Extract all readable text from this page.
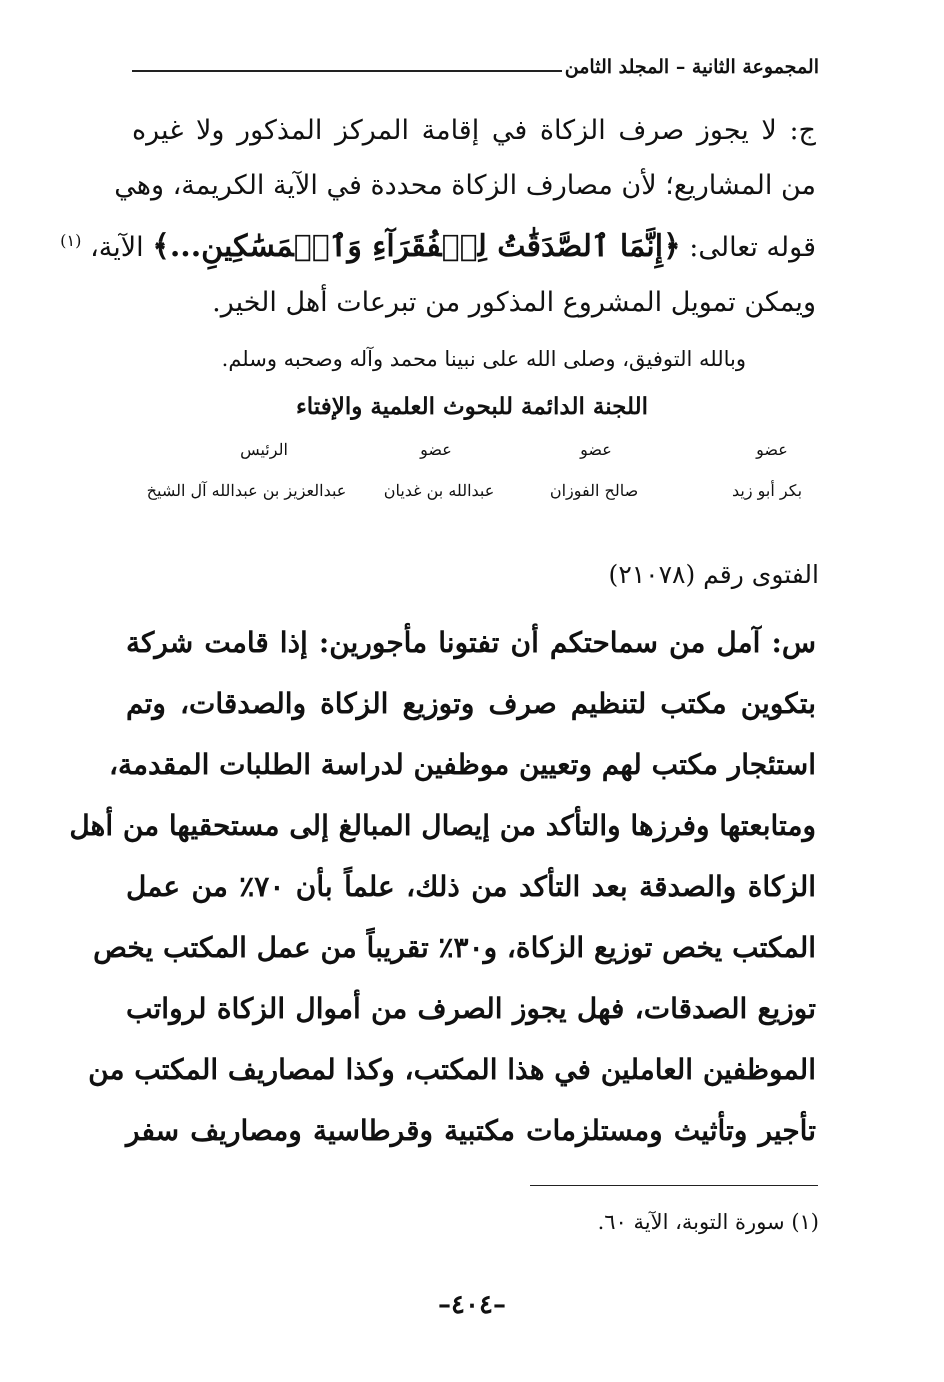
المجموعة الثانية – المجلد الثامن
ج: لا يجوز صرف الزكاة في إقامة المركز المذكور ولا غيره
من المشاريع؛ لأن مصارف الزكاة محددة في الآية الكريمة، وهي
قوله تعالى: ﴿إِنَّمَا ٱلصَّدَقَٰتُ لِلۡفُقَرَآءِ وَٱلۡمَسَٰكِينِ...﴾ الآية، $^{(١)}$
ويمكن تمويل المشروع المذكور من تبرعات أهل الخير.
وبالله التوفيق، وصلى الله على نبينا محمد وآله وصحبه وسلم.
اللجنة الدائمة للبحوث العلمية والإفتاء
عضو
عضو
عضو
الرئيس
بكر أبو زيد
صالح الفوزان
عبدالله بن غديان
عبدالعزيز بن عبدالله آل الشيخ
الفتوى رقم (٢١٠٧٨)
س: آمل من سماحتكم أن تفتونا مأجورين: إذا قامت شركة
بتكوين مكتب لتنظيم صرف وتوزيع الزكاة والصدقات، وتم
استئجار مكتب لهم وتعيين موظفين لدراسة الطلبات المقدمة،
ومتابعتها وفرزها والتأكد من إيصال المبالغ إلى مستحقيها من أهل
الزكاة والصدقة بعد التأكد من ذلك، علماً بأن ٧٠٪ من عمل
المكتب يخص توزيع الزكاة، و٣٠٪ تقريباً من عمل المكتب يخص
توزيع الصدقات، فهل يجوز الصرف من أموال الزكاة لرواتب
الموظفين العاملين في هذا المكتب، وكذا لمصاريف المكتب من
تأجير وتأثيث ومستلزمات مكتبية وقرطاسية ومصاريف سفر
(١) سورة التوبة، الآية ٦٠.
–٤٠٤–
